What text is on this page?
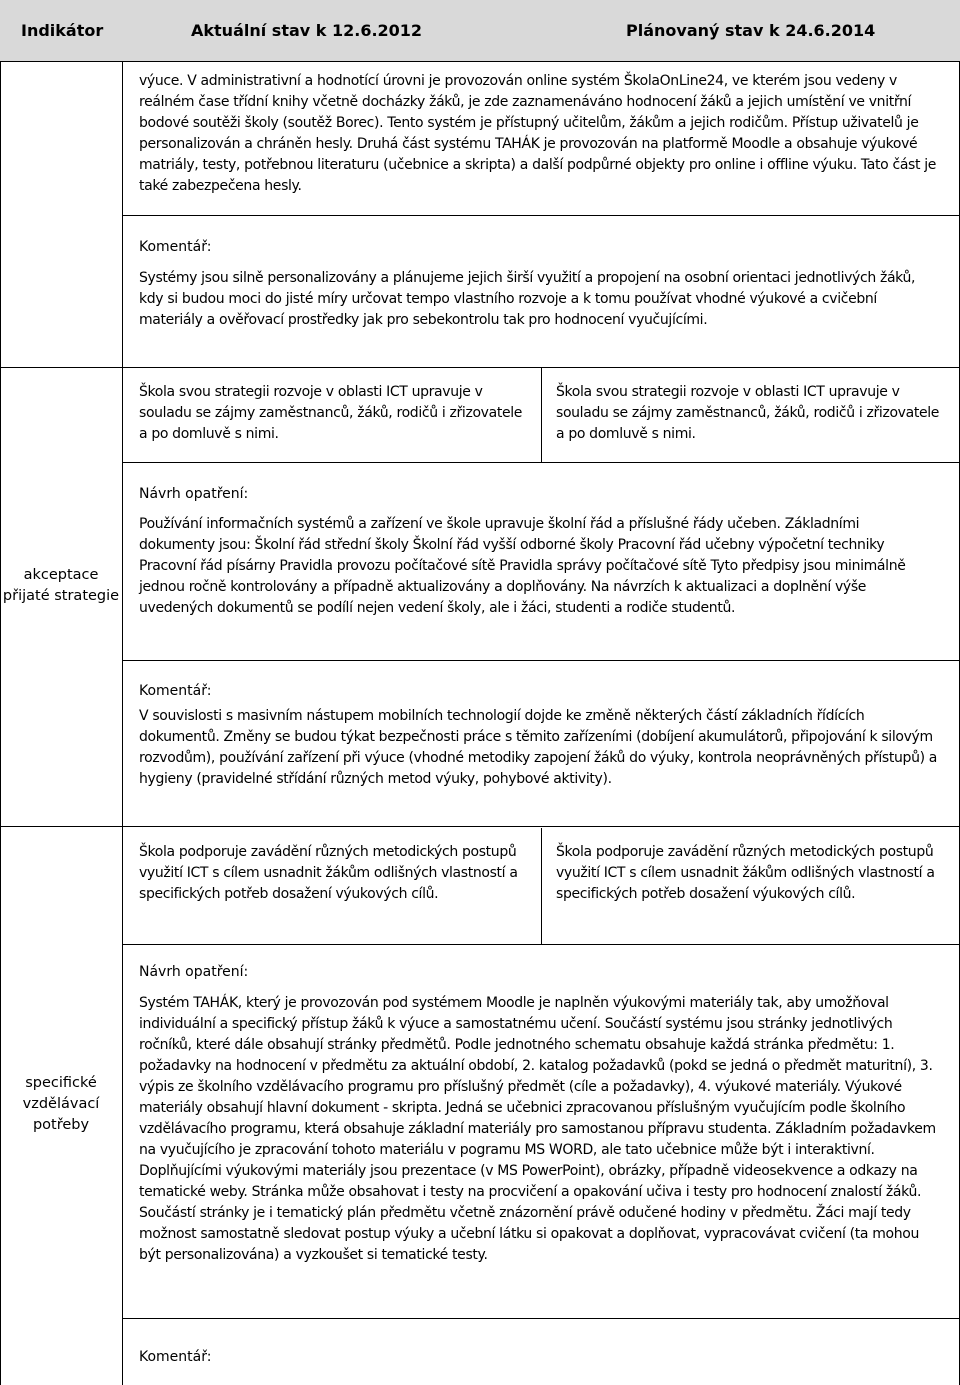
Indikátor	Aktuální stav k 12.6.2012	Plánovaný stav k 24.6.2014

výuce. V administrativní a hodnotící úrovni je provozován online systém ŠkolaOnLine24, ve kterém jsou vedeny v reálném čase třídní knihy včetně docházky žáků, je zde zaznamenáváno hodnocení žáků a jejich umístění ve vnitřní bodové soutěži školy (soutěž Borec). Tento systém je přístupný učitelům, žákům a jejich rodičům. Přístup uživatelů je personalizován a chráněn hesly. Druhá část systému TAHÁK je provozován na platformě Moodle a obsahuje výukové matriály, testy, potřebnou literaturu (učebnice a skripta) a další podpůrné objekty pro online i offline výuku. Tato část je také zabezpečena hesly.

Komentář:

Systémy jsou silně personalizovány a plánujeme jejich širší využití a propojení na osobní orientaci jednotlivých žáků, kdy si budou moci do jisté míry určovat tempo vlastního rozvoje a k tomu používat vhodné výukové a cvičební materiály a ověřovací prostředky jak pro sebekontrolu tak pro hodnocení vyučujícími.

akceptace přijaté strategie

Škola svou strategii rozvoje v oblasti ICT upravuje v souladu se zájmy zaměstnanců, žáků, rodičů i zřizovatele a po domluvě s nimi.

Škola svou strategii rozvoje v oblasti ICT upravuje v souladu se zájmy zaměstnanců, žáků, rodičů i zřizovatele a po domluvě s nimi.

Návrh opatření:

Používání informačních systémů a zařízení ve škole upravuje školní řád a příslušné řády učeben. Základními dokumenty jsou: Školní řád střední školy Školní řád vyšší odborné školy Pracovní řád učebny výpočetní techniky Pracovní řád písárny Pravidla provozu počítačové sítě Pravidla správy počítačové sítě Tyto předpisy jsou minimálně jednou ročně kontrolovány a případně aktualizovány a doplňovány. Na návrzích k aktualizaci a doplnění výše uvedených dokumentů se podílí nejen vedení školy, ale i žáci, studenti a rodiče studentů.

Komentář:

V souvislosti s masivním nástupem mobilních technologií dojde ke změně některých částí základních řídících dokumentů. Změny se budou týkat bezpečnosti práce s těmito zařízeními (dobíjení akumulátorů, připojování k silovým rozvodům), používání zařízení při výuce (vhodné metodiky zapojení žáků do výuky, kontrola neoprávněných přístupů) a hygieny (pravidelné střídání různých metod výuky, pohybové aktivity).

specifické vzdělávací potřeby

Škola podporuje zavádění různých metodických postupů využití ICT s cílem usnadnit žákům odlišných vlastností a specifických potřeb dosažení výukových cílů.

Škola podporuje zavádění různých metodických postupů využití ICT s cílem usnadnit žákům odlišných vlastností a specifických potřeb dosažení výukových cílů.

Návrh opatření:

Systém TAHÁK, který je provozován pod systémem Moodle je naplněn výukovými materiály tak, aby umožňoval individuální a specifický přístup žáků k výuce a samostatnému učení. Součástí systému jsou stránky jednotlivých ročníků, které dále obsahují stránky předmětů. Podle jednotného schematu obsahuje každá stránka předmětu: 1. požadavky na hodnocení v předmětu za aktuální období, 2. katalog požadavků (pokd se jedná o předmět maturitní), 3. výpis ze školního vzdělávacího programu pro příslušný předmět (cíle a požadavky), 4. výukové materiály. Výukové materiály obsahují hlavní dokument - skripta. Jedná se učebnici zpracovanou příslušným vyučujícím podle školního vzdělávacího programu, která obsahuje základní materiály pro samostanou přípravu studenta. Základním požadavkem na vyučujícího je zpracování tohoto materiálu v pogramu MS WORD, ale tato učebnice může být i interaktivní. Doplňujícími výukovými materiály jsou prezentace (v MS PowerPoint), obrázky, případně videosekvence a odkazy na tematické weby. Stránka může obsahovat i testy na procvičení a opakování učiva i testy pro hodnocení znalostí žáků. Součástí stránky je i tematický plán předmětu včetně znázornění právě odučené hodiny v předmětu. Žáci mají tedy možnost samostatně sledovat postup výuky a učební látku si opakovat a doplňovat, vypracovávat cvičení (ta mohou být personalizována) a vyzkoušet si tematické testy.

Komentář:
